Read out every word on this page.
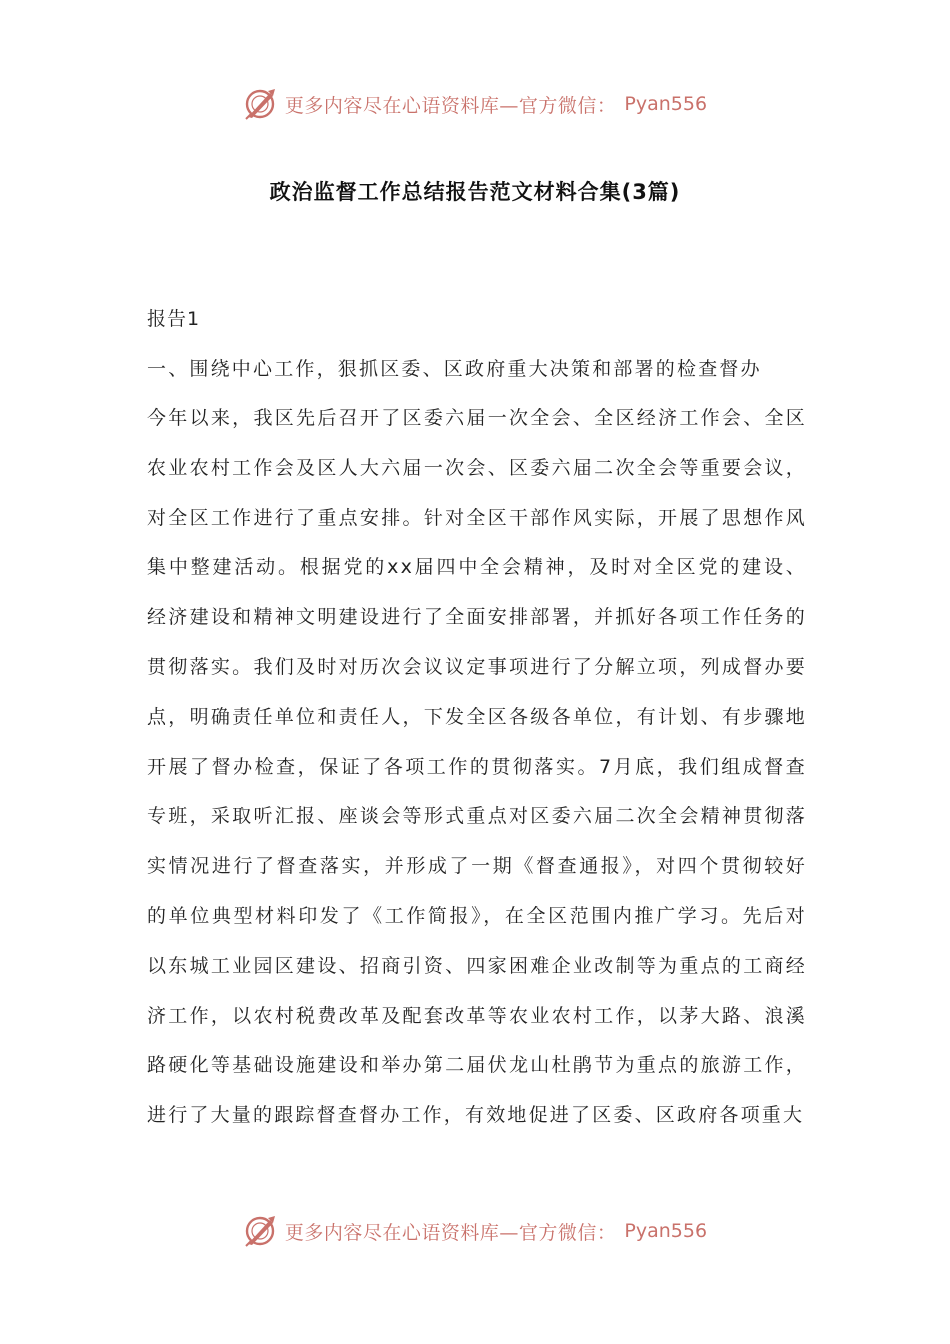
更多内容尽在心语资料库—官方微信： Pyan556
政治监督工作总结报告范文材料合集(3篇)
报告1
一、围绕中心工作，狠抓区委、区政府重大决策和部署的检查督办
今年以来，我区先后召开了区委六届一次全会、全区经济工作会、全区农业农村工作会及区人大六届一次会、区委六届二次全会等重要会议，对全区工作进行了重点安排。针对全区干部作风实际，开展了思想作风集中整建活动。根据党的xx届四中全会精神，及时对全区党的建设、经济建设和精神文明建设进行了全面安排部署，并抓好各项工作任务的贯彻落实。我们及时对历次会议议定事项进行了分解立项，列成督办要点，明确责任单位和责任人，下发全区各级各单位，有计划、有步骤地开展了督办检查，保证了各项工作的贯彻落实。7月底，我们组成督查专班，采取听汇报、座谈会等形式重点对区委六届二次全会精神贯彻落实情况进行了督查落实，并形成了一期《督查通报》，对四个贯彻较好的单位典型材料印发了《工作简报》，在全区范围内推广学习。先后对以东城工业园区建设、招商引资、四家困难企业改制等为重点的工商经济工作，以农村税费改革及配套改革等农业农村工作，以茅大路、浪溪路硬化等基础设施建设和举办第二届伏龙山杜鹃节为重点的旅游工作，进行了大量的跟踪督查督办工作，有效地促进了区委、区政府各项重大
更多内容尽在心语资料库—官方微信： Pyan556
